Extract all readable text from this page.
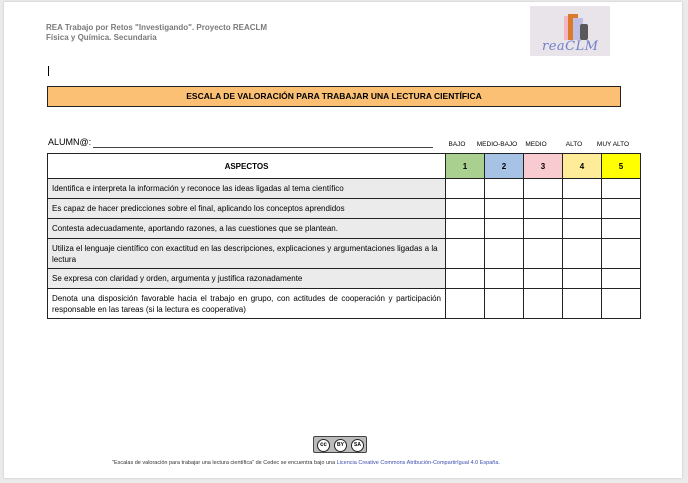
REA Trabajo por Retos "Investigando". Proyecto REACLM
Física y Química. Secundaria
reaCLM
ESCALA DE VALORACIÓN PARA TRABAJAR UNA LECTURA CIENTÍFICA
ALUMN@:	BAJO	MEDIO-BAJO	MEDIO	ALTO	MUY ALTO
ASPECTOS	1	2	3	4	5
Identifica e interpreta la información y reconoce las ideas ligadas al tema científico					
Es capaz de hacer predicciones sobre el final, aplicando los conceptos aprendidos					
Contesta adecuadamente, aportando razones, a las cuestiones que se plantean.					
Utiliza el lenguaje científico con exactitud en las descripciones, explicaciones y argumentaciones ligadas a la lectura					
Se expresa con claridad y orden, argumenta y justifica razonadamente					
Denota una disposición favorable hacia el trabajo en grupo, con actitudes de cooperación y participación responsable en las tareas (si la lectura es cooperativa)					
cc	BY	SA
"Escalas de valoración para trabajar una lectura científica" de Cedec se encuentra bajo una Licencia Creative Commons Atribución-CompartirIgual 4.0 España.
